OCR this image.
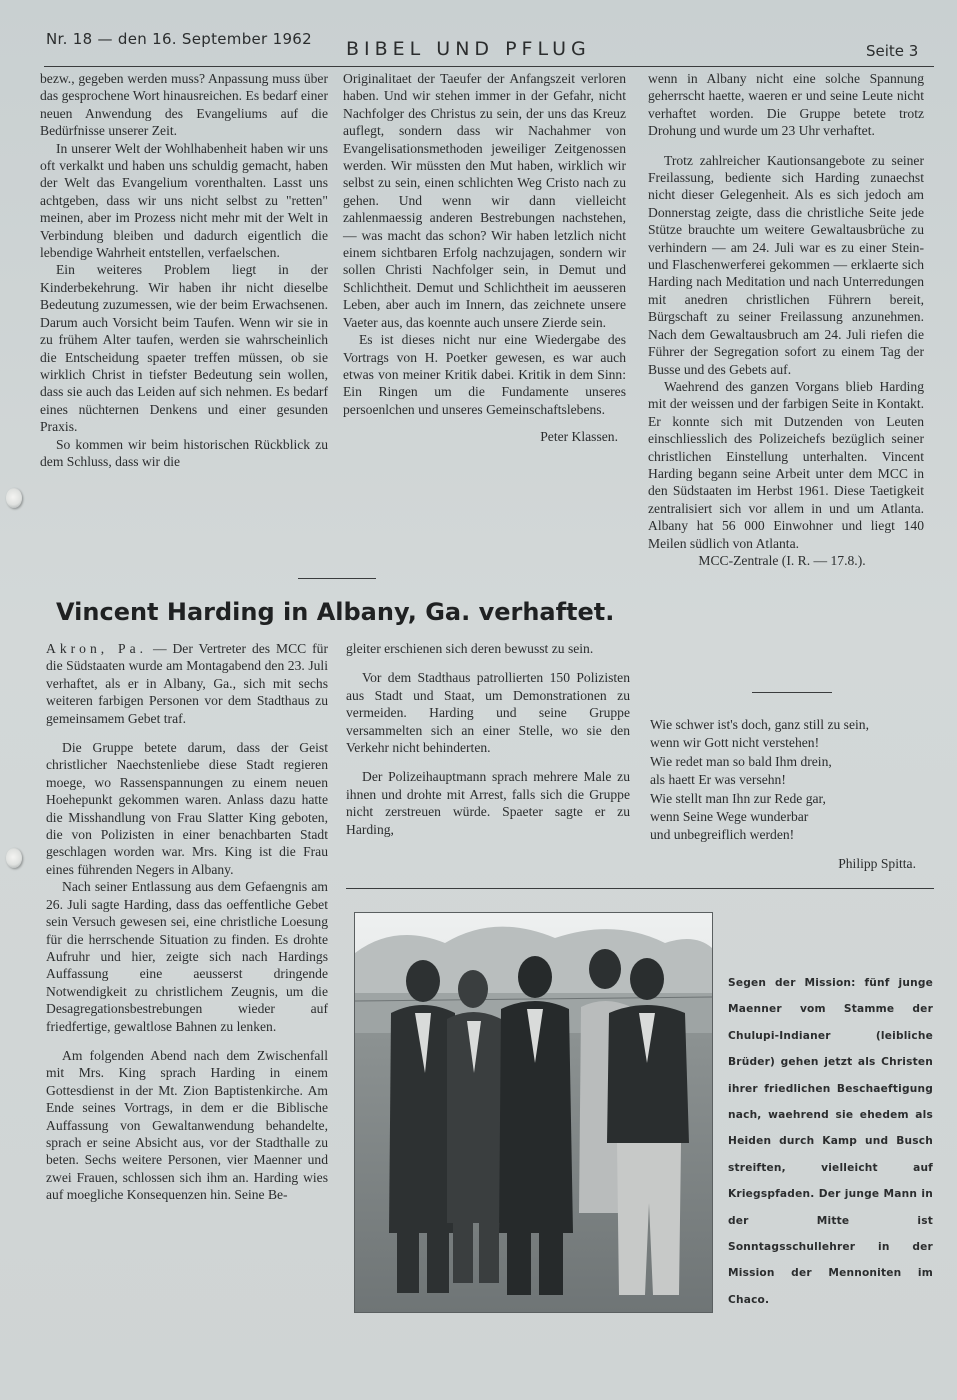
Nr. 18 — den 16. September 1962 BIBEL UND PFLUG	Seite 3

bezw., gegeben werden muss? Anpassung muss über das gesprochene Wort hinausreichen. Es bedarf einer neuen Anwendung des Evangeliums auf die Bedürfnisse unserer Zeit.

In unserer Welt der Wohlhabenheit haben wir uns oft verkalkt und haben uns schuldig gemacht, haben der Welt das Evangelium vorenthalten. Lasst uns achtgeben, dass wir uns nicht selbst zu "retten" meinen, aber im Prozess nicht mehr mit der Welt in Verbindung bleiben und dadurch eigentlich die lebendige Wahrheit entstellen, verfaelschen.

Ein weiteres Problem liegt in der Kinderbekehrung. Wir haben ihr nicht dieselbe Bedeutung zuzumessen, wie der beim Erwachsenen. Darum auch Vorsicht beim Taufen. Wenn wir sie in zu frühem Alter taufen, werden sie wahrscheinlich die Entscheidung spaeter treffen müssen, ob sie wirklich Christ in tiefster Bedeutung sein wollen, dass sie auch das Leiden auf sich nehmen. Es bedarf eines nüchternen Denkens und einer gesunden Praxis.

So kommen wir beim historischen Rückblick zu dem Schluss, dass wir die

Originalitaet der Taeufer der Anfangszeit verloren haben. Und wir stehen immer in der Gefahr, nicht Nachfolger des Christus zu sein, der uns das Kreuz auflegt, sondern dass wir Nachahmer von Evangelisationsmethoden jeweiliger Zeitgenossen werden. Wir müssten den Mut haben, wirklich wir selbst zu sein, einen schlichten Weg Cristo nach zu gehen. Und wenn wir dann vielleicht zahlenmaessig anderen Bestrebungen nachstehen, — was macht das schon? Wir haben letzlich nicht einem sichtbaren Erfolg nachzujagen, sondern wir sollen Christi Nachfolger sein, in Demut und Schlichtheit. Demut und Schlichtheit im aeusseren Leben, aber auch im Innern, das zeichnete unsere Vaeter aus, das koennte auch unsere Zierde sein.

Es ist dieses nicht nur eine Wiedergabe des Vortrags von H. Poetker gewesen, es war auch etwas von meiner Kritik dabei. Kritik in dem Sinn: Ein Ringen um die Fundamente unseres persoenlchen und unseres Gemeinschaftslebens.

Peter Klassen.

wenn in Albany nicht eine solche Spannung geherrscht haette, waeren er und seine Leute nicht verhaftet worden. Die Gruppe betete trotz Drohung und wurde um 23 Uhr verhaftet.

Trotz zahlreicher Kautionsangebote zu seiner Freilassung, bediente sich Harding zunaechst nicht dieser Gelegenheit. Als es sich jedoch am Donnerstag zeigte, dass die christliche Seite jede Stütze brauchte um weitere Gewaltausbrüche zu verhindern — am 24. Juli war es zu einer Stein- und Flaschenwerferei gekommen — erklaerte sich Harding nach Meditation und nach Unterredungen mit anedren christlichen Führern bereit, Bürgschaft zu seiner Freilassung anzunehmen. Nach dem Gewaltausbruch am 24. Juli riefen die Führer der Segregation sofort zu einem Tag der Busse und des Gebets auf.

Waehrend des ganzen Vorgans blieb Harding mit der weissen und der farbigen Seite in Kontakt. Er konnte sich mit Dutzenden von Leuten einschliesslich des Polizeichefs bezüglich seiner christlichen Einstellung unterhalten. Vincent Harding begann seine Arbeit unter dem MCC in den Südstaaten im Herbst 1961. Diese Taetigkeit zentralisiert sich vor allem in und um Atlanta. Albany hat 56 000 Einwohner und liegt 140 Meilen südlich von Atlanta.

MCC-Zentrale (I. R. — 17.8.).
Vincent Harding in Albany, Ga. verhaftet.

Akron, Pa. — Der Vertreter des MCC für die Südstaaten wurde am Montagabend den 23. Juli verhaftet, als er in Albany, Ga., sich mit sechs weiteren farbigen Personen vor dem Stadthaus zu gemeinsamem Gebet traf.

Die Gruppe betete darum, dass der Geist christlicher Naechstenliebe diese Stadt regieren moege, wo Rassenspannungen zu einem neuen Hoehepunkt gekommen waren. Anlass dazu hatte die Misshandlung von Frau Slatter King geboten, die von Polizisten in einer benachbarten Stadt geschlagen worden war. Mrs. King ist die Frau eines führenden Negers in Albany.

Nach seiner Entlassung aus dem Gefaengnis am 26. Juli sagte Harding, dass das oeffentliche Gebet sein Versuch gewesen sei, eine christliche Loesung für die herrschende Situation zu finden. Es drohte Aufruhr und hier, zeigte sich nach Hardings Auffassung eine aeusserst dringende Notwendigkeit zu christlichem Zeugnis, um die Desagregationsbestrebungen wieder auf friedfertige, gewaltlose Bahnen zu lenken.

Am folgenden Abend nach dem Zwischenfall mit Mrs. King sprach Harding in einem Gottesdienst in der Mt. Zion Baptistenkirche. Am Ende seines Vortrags, in dem er die Biblische Auffassung von Gewaltanwendung behandelte, sprach er seine Absicht aus, vor der Stadthalle zu beten. Sechs weitere Personen, vier Maenner und zwei Frauen, schlossen sich ihm an. Harding wies auf moegliche Konsequenzen hin. Seine Be-

gleiter erschienen sich deren bewusst zu sein.

Vor dem Stadthaus patrollierten 150 Polizisten aus Stadt und Staat, um Demonstrationen zu vermeiden. Harding und seine Gruppe versammelten sich an einer Stelle, wo sie den Verkehr nicht behinderten.

Der Polizeihauptmann sprach mehrere Male zu ihnen und drohte mit Arrest, falls sich die Gruppe nicht zerstreuen würde. Spaeter sagte er zu Harding,

Wie schwer ist's doch, ganz still zu sein,
wenn wir Gott nicht verstehen!
Wie redet man so bald Ihm drein,
als haett Er was versehn!
Wie stellt man Ihn zur Rede gar,
wenn Seine Wege wunderbar
und unbegreiflich werden!
Philipp Spitta.
Segen der Mission: fünf junge Maenner vom Stamme der Chulupi-Indianer (leibliche Brüder) gehen jetzt als Christen ihrer friedlichen Beschaeftigung nach, waehrend sie ehedem als Heiden durch Kamp und Busch streiften, vielleicht auf Kriegspfaden. Der junge Mann in der Mitte ist Sonntagsschullehrer in der Mission der Mennoniten im Chaco.
